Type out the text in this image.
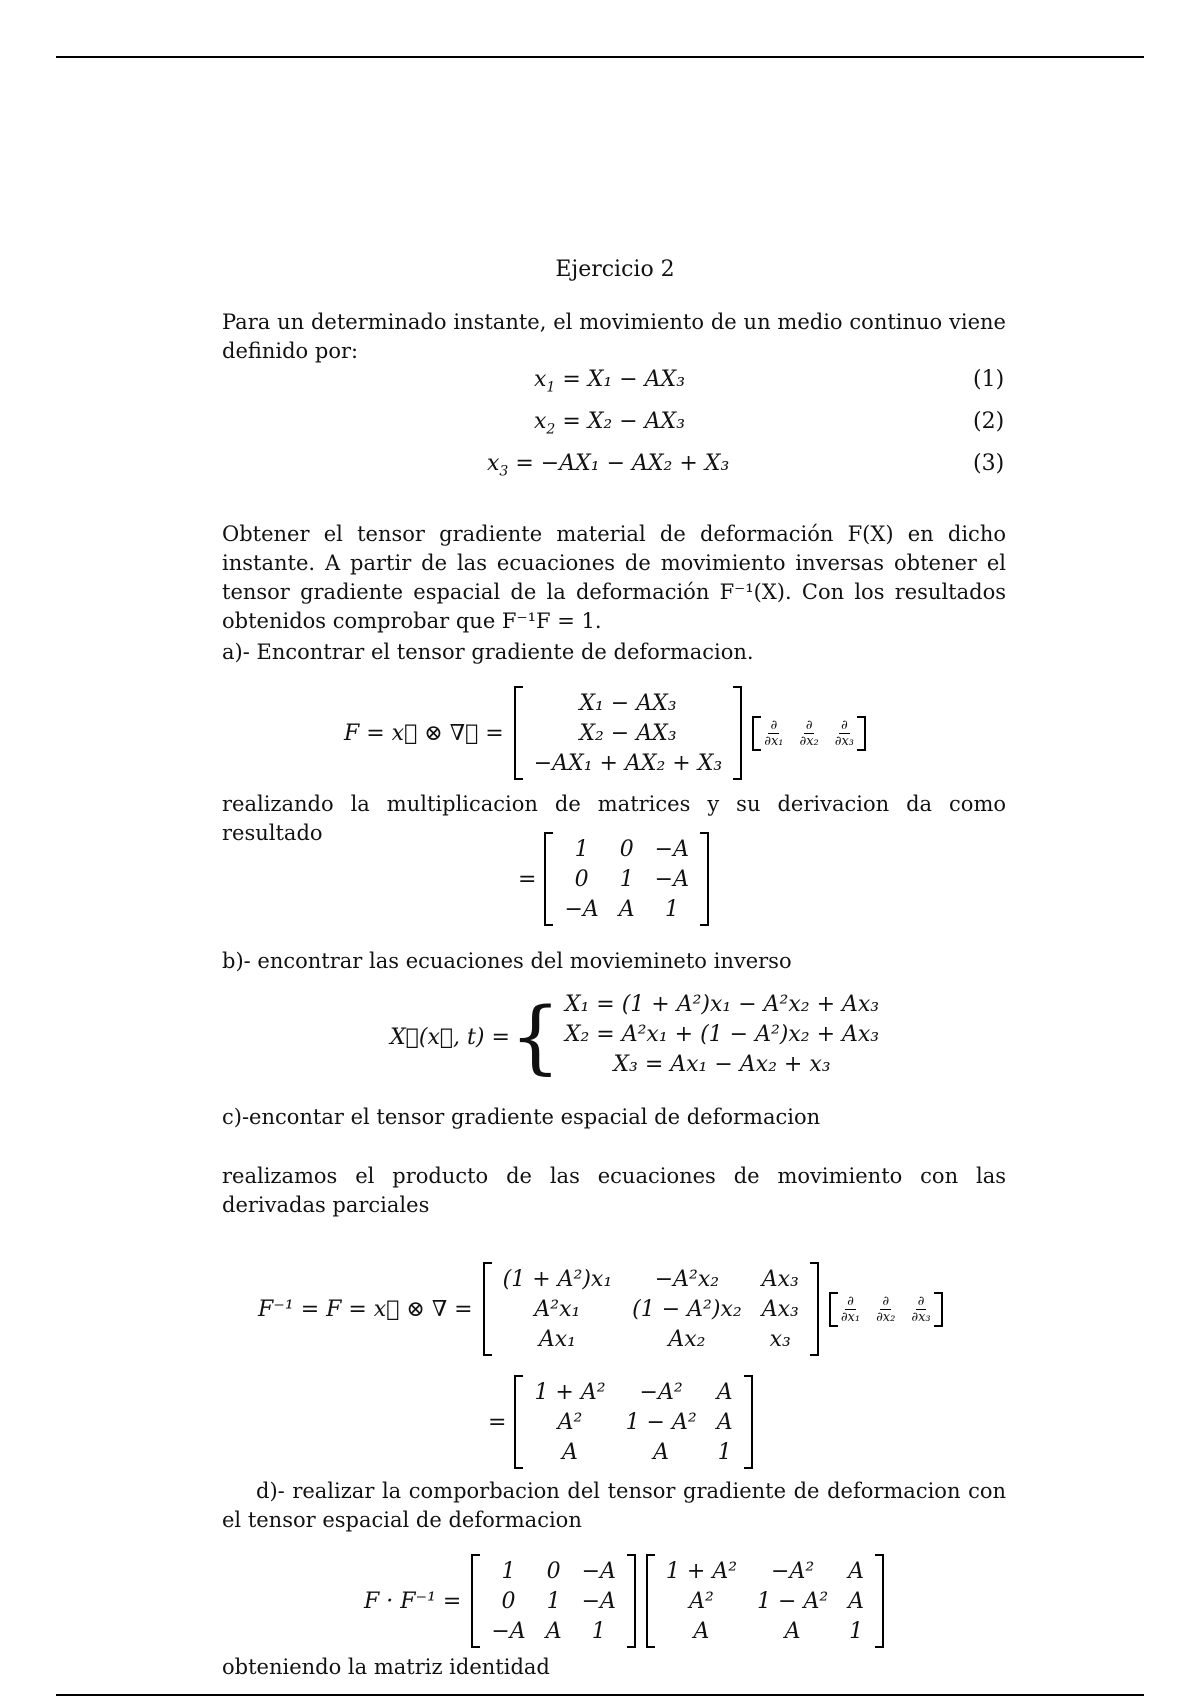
Ejercicio 2
Para un determinado instante, el movimiento de un medio continuo viene definido por:
$x_1 = X_1 - AX_3$	(1)
$x_2 = X_2 - AX_3$	(2)
$x_3 = -AX_1 - AX_2 + X_3$	(3)
Obtener el tensor gradiente material de deformación F(X) en dicho instante. A partir de las ecuaciones de movimiento inversas obtener el tensor gradiente espacial de la deformación F⁻¹(X). Con los resultados obtenidos comprobar que F⁻¹F = 1.
a)- Encontrar el tensor gradiente de deformacion.
F = x⃗ ⊗ ∇⃗ =
X₁ − AX₃
X₂ − AX₃
−AX₁ + AX₂ + X₃
$\frac{\partial}{\text{∂x₁}} \frac{\partial}{\text{∂x₂}} \frac{\partial}{\text{∂x₃}}$
realizando la multiplicacion de matrices y su derivacion da como resultado
=
1	0	−A
0	1	−A
−A	A	1
b)- encontrar las ecuaciones del moviemineto inverso
X⃗(x⃗, t) = { X₁ = (1 + A²)x₁ − A²x₂ + Ax₃
X₂ = A²x₁ + (1 − A²)x₂ + Ax₃
X₃ = Ax₁ − Ax₂ + x₃
c)-encontar el tensor gradiente espacial de deformacion
realizamos el producto de las ecuaciones de movimiento con las derivadas parciales
F⁻¹ = F = x⃗ ⊗ ∇ =
(1 + A²)x₁	−A²x₂	Ax₃
A²x₁	(1 − A²)x₂	Ax₃
Ax₁	Ax₂	x₃
$\frac{\partial}{\text{∂x₁}} \frac{\partial}{\text{∂x₂}} \frac{\partial}{\text{∂x₃}}$
=
1 + A²	−A²	A
A²	1 − A²	A
A	A	1
d)- realizar la comporbacion del tensor gradiente de deformacion con el tensor espacial de deformacion
F · F⁻¹ =
1	0	−A
0	1	−A
−A	A	1
1 + A²	−A²	A
A²	1 − A²	A
A	A	1
obteniendo la matriz identidad
